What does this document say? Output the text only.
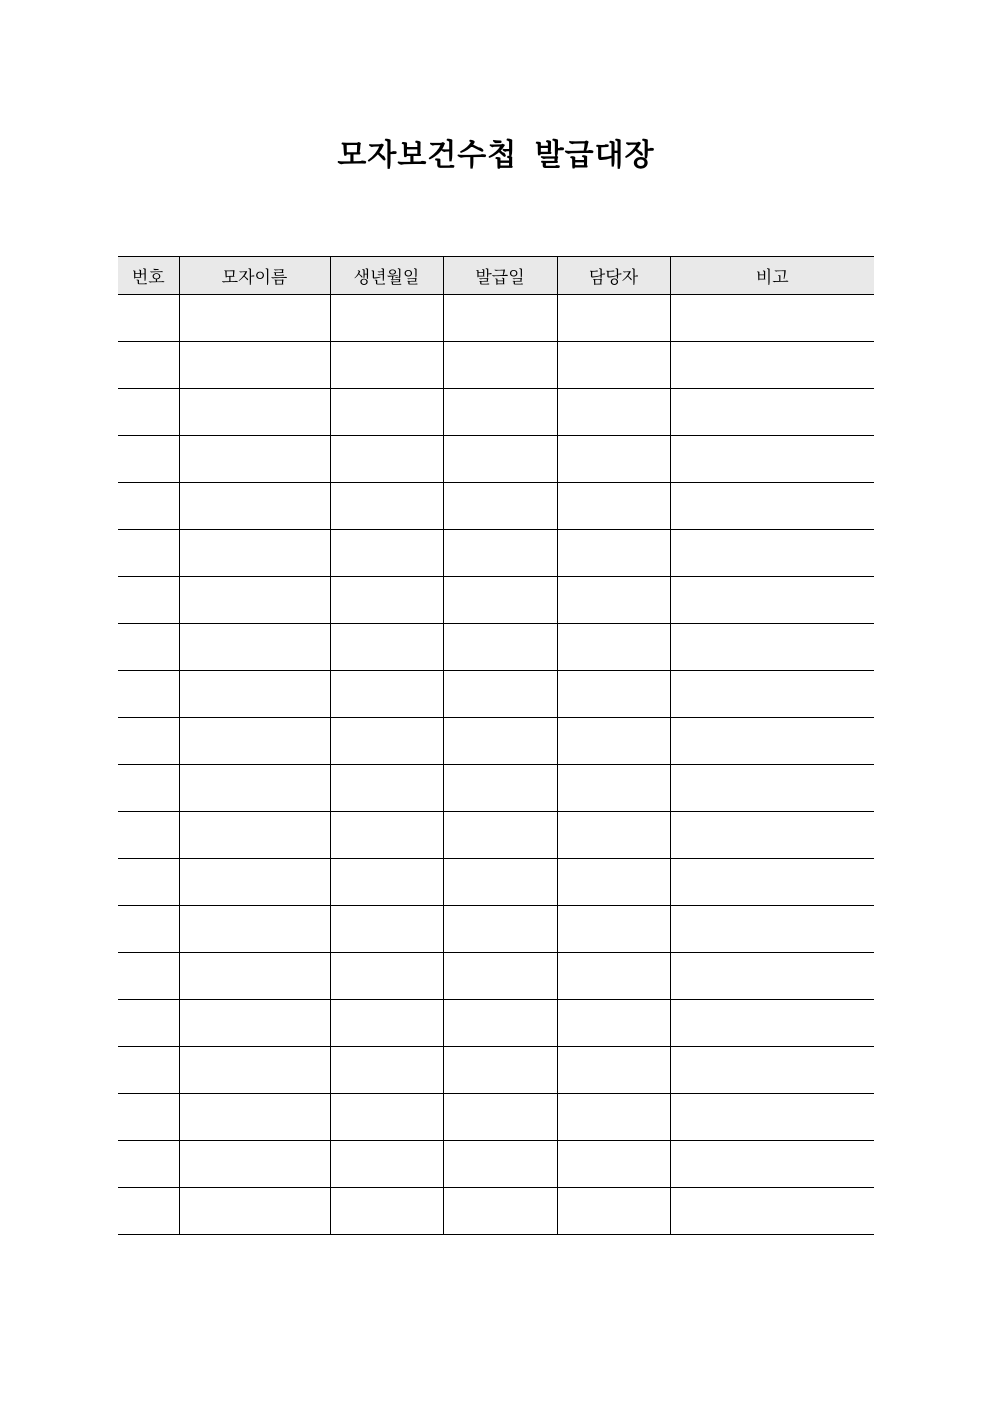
모자보건수첩 발급대장
번호	모자이름	생년월일	발급일	담당자	비고
